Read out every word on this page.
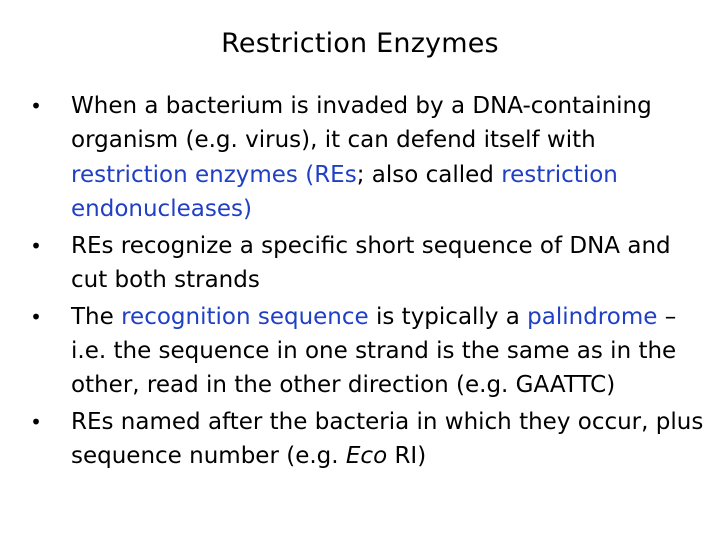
Restriction Enzymes
• When a bacterium is invaded by a DNA-containing organism (e.g. virus), it can defend itself with restriction enzymes (REs; also called restriction endonucleases)
• REs recognize a specific short sequence of DNA and cut both strands
• The recognition sequence is typically a palindrome – i.e. the sequence in one strand is the same as in the other, read in the other direction (e.g. GAATTC)
• REs named after the bacteria in which they occur, plus sequence number (e.g. Eco RI)
